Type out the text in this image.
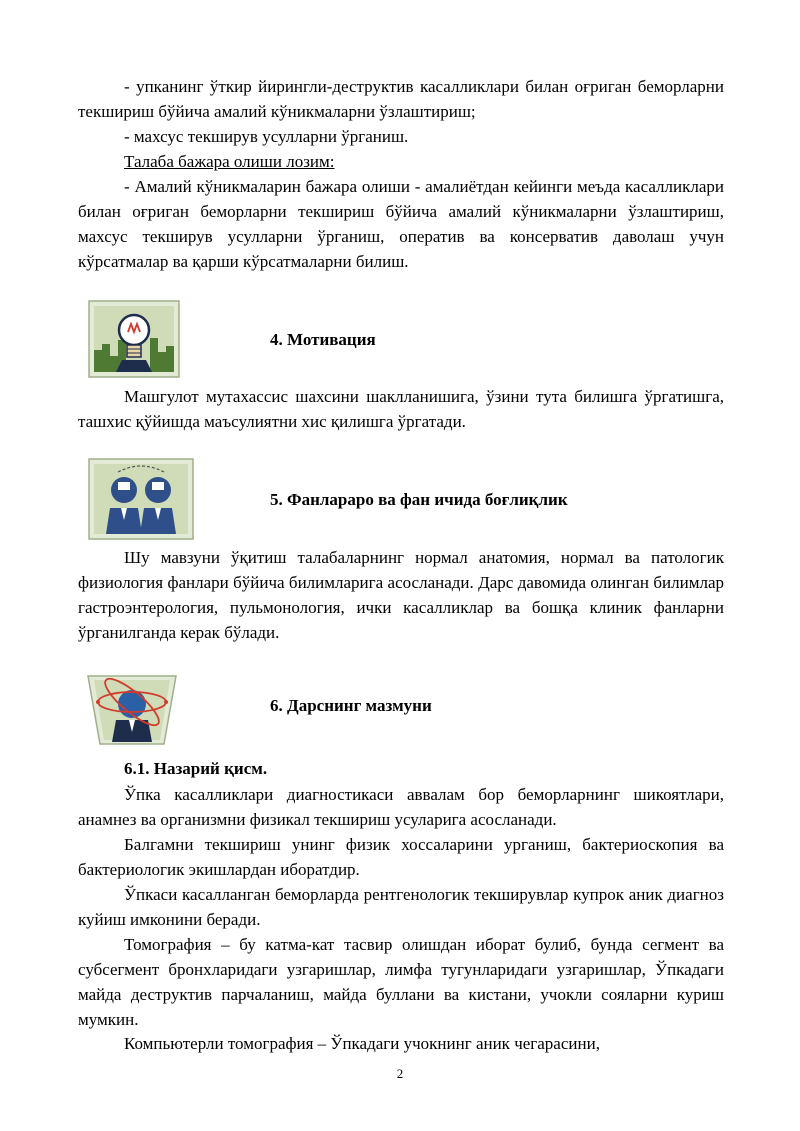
- упканинг ўткир йирингли-деструктив касалликлари билан оғриган беморларни текшириш бўйича амалий кўникмаларни ўзлаштириш;

- махсус текширув усулларни ўрганиш.

Талаба бажара олиши лозим:

- Амалий кўникмаларин бажара олиши - амалиётдан кейинги меъда касалликлари билан оғриган беморларни текшириш бўйича амалий кўникмаларни ўзлаштириш, махсус текширув усулларни ўрганиш, оператив ва консерватив даволаш учун кўрсатмалар ва қарши кўрсатмаларни билиш.

4. Мотивация

Машгулот мутахассис шахсини шаклланишига, ўзини тута билишга ўргатишга, ташхис қўйишда маъсулиятни хис қилишга ўргатади.

5. Фанлараро ва фан ичида боғлиқлик

Шу мавзуни ўқитиш талабаларнинг нормал анатомия, нормал ва патологик физиология фанлари бўйича билимларига асосланади. Дарс давомида олинган билимлар гастроэнтерология, пульмонология, ички касалликлар ва бошқа клиник фанларни ўрганилганда керак бўлади.

6. Дарснинг мазмуни
6.1. Назарий қисм.

Ўпка касалликлари диагностикаси аввалам бор беморларнинг шикоятлари, анамнез ва организмни физикал текшириш усуларига асосланади.

Балгамни текшириш унинг физик хоссаларини урганиш, бактериоскопия ва бактериологик экишлардан иборатдир.

Ўпкаси касалланган беморларда рентгенологик текширувлар купрок аник диагноз куйиш имконини беради.

Томография – бу катма-кат тасвир олишдан иборат булиб, бунда сегмент ва субсегмент бронхларидаги узгаришлар, лимфа тугунларидаги узгаришлар, Ўпкадаги майда деструктив парчаланиш, майда буллани ва кистани, учокли сояларни куриш мумкин.

Компьютерли томография – Ўпкадаги учокнинг аник чегарасини,

2
